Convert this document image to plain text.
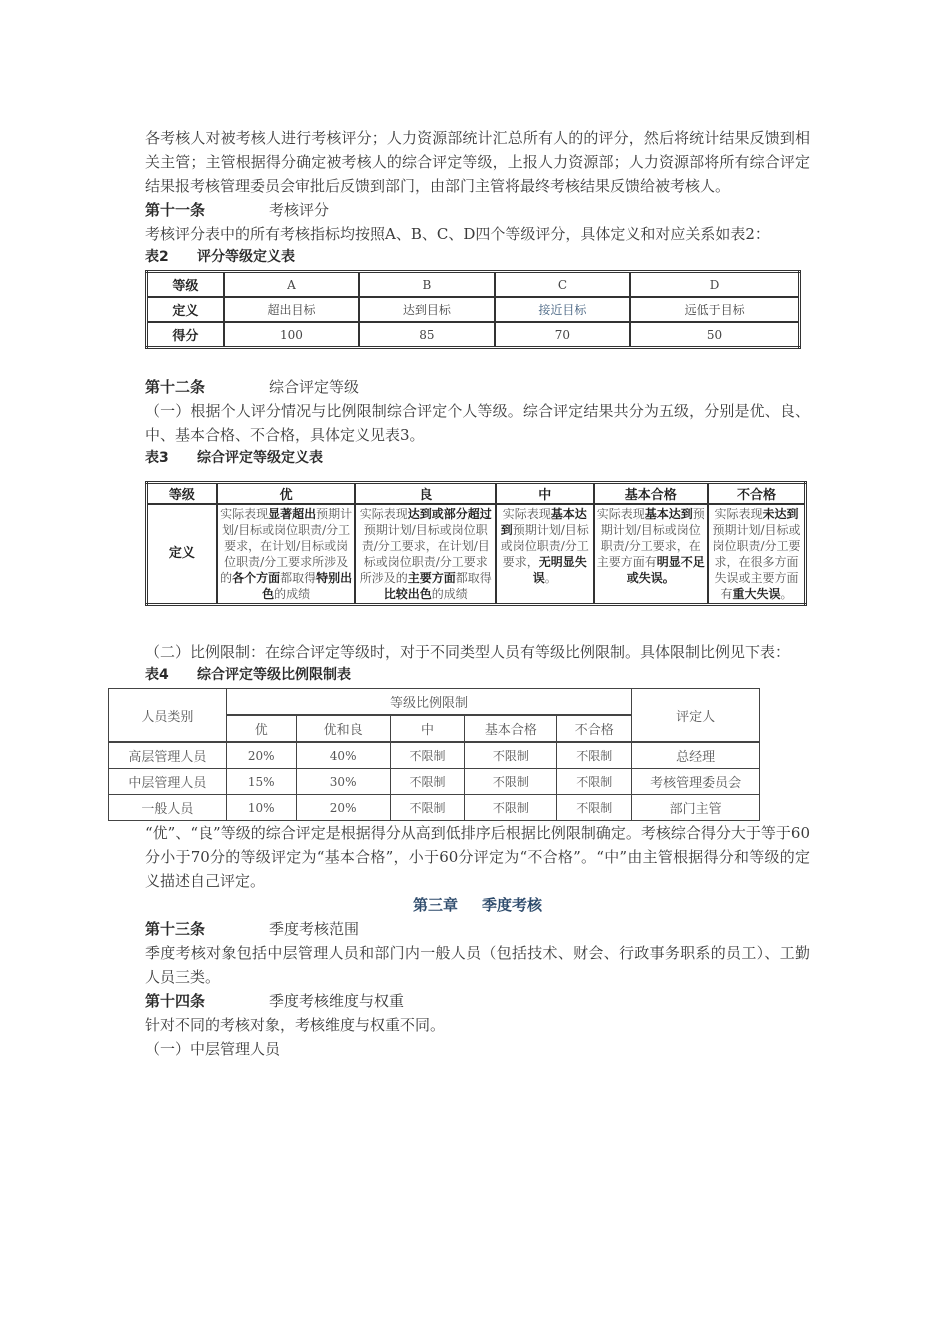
各考核人对被考核人进行考核评分；人力资源部统计汇总所有人的的评分，然后将统计结果反馈到相关主管；主管根据得分确定被考核人的综合评定等级，上报人力资源部；人力资源部将所有综合评定结果报考核管理委员会审批后反馈到部门，由部门主管将最终考核结果反馈给被考核人。

第十一条	考核评分

考核评分表中的所有考核指标均按照A、B、C、D四个等级评分，具体定义和对应关系如表2：

表2 评分等级定义表
等级	A	B	C	D
定义	超出目标	达到目标	接近目标	远低于目标
得分	100	85	70	50
第十二条	综合评定等级

（一）根据个人评分情况与比例限制综合评定个人等级。综合评定结果共分为五级，分别是优、良、中、基本合格、不合格，具体定义见表3。

表3 综合评定等级定义表
等级	优	良	中	基本合格	不合格
定义	实际表现显著超出预期计划/目标或岗位职责/分工要求，在计划/目标或岗位职责/分工要求所涉及的各个方面都取得特别出色的成绩	实际表现达到或部分超过预期计划/目标或岗位职责/分工要求，在计划/目标或岗位职责/分工要求所涉及的主要方面都取得比较出色的成绩	实际表现基本达到预期计划/目标或岗位职责/分工要求，无明显失误。	实际表现基本达到预期计划/目标或岗位职责/分工要求，在主要方面有明显不足或失误。	实际表现未达到预期计划/目标或岗位职责/分工要求，在很多方面失误或主要方面有重大失误。

（二）比例限制：在综合评定等级时，对于不同类型人员有等级比例限制。具体限制比例见下表：

表4 综合评定等级比例限制表
人员类别	等级比例限制					评定人
	优	优和良	中	基本合格	不合格	
高层管理人员	20%	40%	不限制	不限制	不限制	总经理
中层管理人员	15%	30%	不限制	不限制	不限制	考核管理委员会
一般人员	10%	20%	不限制	不限制	不限制	部门主管

“优”、“良”等级的综合评定是根据得分从高到低排序后根据比例限制确定。考核综合得分大于等于60分小于70分的等级评定为“基本合格”，小于60分评定为“不合格”。“中”由主管根据得分和等级的定义描述自己评定。

第三章 季度考核
第十三条	季度考核范围

季度考核对象包括中层管理人员和部门内一般人员（包括技术、财会、行政事务职系的员工）、工勤人员三类。

第十四条	季度考核维度与权重

针对不同的考核对象，考核维度与权重不同。

（一）中层管理人员
